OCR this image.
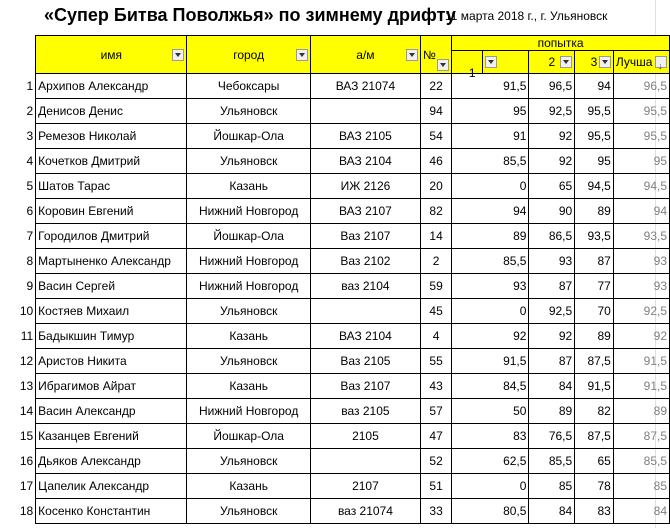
«Супер Битва Поволжья» по зимнему дрифту
11 марта 2018 г., г. Ульяновск
	имя	город	а/м	№	попытка				

						1	2	3	Лучша
↓

1	Архипов Александр	Чебоксары	ВАЗ 21074	22		91,5	96,5	94	96,5
2	Денисов Денис	Ульяновск		94		95	92,5	95,5	95,5
3	Ремезов Николай	Йошкар-Ола	ВАЗ 2105	54		91	92	95,5	95,5
4	Кочетков Дмитрий	Ульяновск	ВАЗ 2104	46		85,5	92	95	95
5	Шатов Тарас	Казань	ИЖ 2126	20		0	65	94,5	94,5
6	Коровин Евгений	Нижний Новгород	ВАЗ 2107	82		94	90	89	94
7	Городилов Дмитрий	Йошкар-Ола	Ваз 2107	14		89	86,5	93,5	93,5
8	Мартыненко Александр	Нижний Новгород	Ваз 2102	2		85,5	93	87	93
9	Васин Сергей	Нижний Новгород	ваз 2104	59		93	87	77	93
10	Костяев Михаил	Ульяновск		45		0	92,5	70	92,5
11	Бадыкшин Тимур	Казань	ВАЗ 2104	4		92	92	89	92
12	Аристов Никита	Ульяновск	Ваз 2105	55		91,5	87	87,5	91,5
13	Ибрагимов Айрат	Казань	Ваз 2107	43		84,5	84	91,5	91,5
14	Васин Александр	Нижний Новгород	ваз 2105	57		50	89	82	89
15	Казанцев Евгений	Йошкар-Ола	2105	47		83	76,5	87,5	87,5
16	Дьяков Александр	Ульяновск		52		62,5	85,5	65	85,5
17	Цапелик Александр	Казань	2107	51		0	85	78	85
18	Косенко Константин	Ульяновск	ваз 21074	33		80,5	84	83	84
